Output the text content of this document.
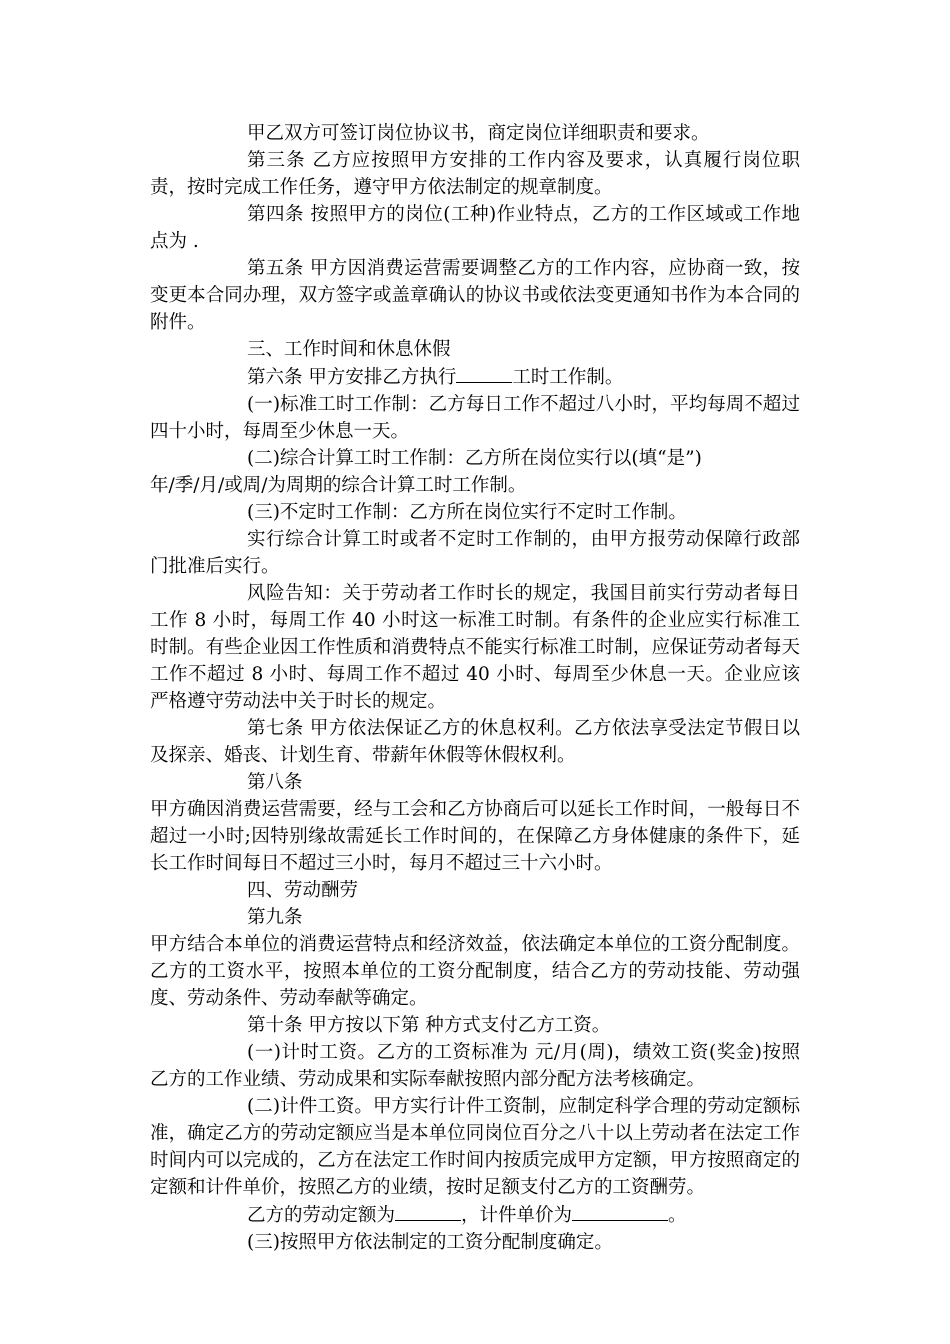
甲乙双方可签订岗位协议书，商定岗位详细职责和要求。

第三条 乙方应按照甲方安排的工作内容及要求，认真履行岗位职责，按时完成工作任务，遵守甲方依法制定的规章制度。

第四条 按照甲方的岗位(工种)作业特点，乙方的工作区域或工作地点为 .

第五条 甲方因消费运营需要调整乙方的工作内容，应协商一致，按变更本合同办理，双方签字或盖章确认的协议书或依法变更通知书作为本合同的附件。

三、工作时间和休息休假

第六条 甲方安排乙方执行	工时工作制。

(一)标准工时工作制：乙方每日工作不超过八小时，平均每周不超过四十小时，每周至少休息一天。

(二)综合计算工时工作制：乙方所在岗位实行以(填“是”)

年/季/月/或周/为周期的综合计算工时工作制。

(三)不定时工作制：乙方所在岗位实行不定时工作制。

实行综合计算工时或者不定时工作制的，由甲方报劳动保障行政部门批准后实行。

风险告知：关于劳动者工作时长的规定，我国目前实行劳动者每日工作 8 小时，每周工作 40 小时这一标准工时制。有条件的企业应实行标准工时制。有些企业因工作性质和消费特点不能实行标准工时制，应保证劳动者每天工作不超过 8 小时、每周工作不超过 40 小时、每周至少休息一天。企业应该严格遵守劳动法中关于时长的规定。

第七条 甲方依法保证乙方的休息权利。乙方依法享受法定节假日以及探亲、婚丧、计划生育、带薪年休假等休假权利。

第八条

甲方确因消费运营需要，经与工会和乙方协商后可以延长工作时间，一般每日不超过一小时;因特别缘故需延长工作时间的，在保障乙方身体健康的条件下，延长工作时间每日不超过三小时，每月不超过三十六小时。

四、劳动酬劳

第九条

甲方结合本单位的消费运营特点和经济效益，依法确定本单位的工资分配制度。乙方的工资水平，按照本单位的工资分配制度，结合乙方的劳动技能、劳动强度、劳动条件、劳动奉献等确定。

第十条 甲方按以下第 种方式支付乙方工资。

(一)计时工资。乙方的工资标准为 元/月(周)，绩效工资(奖金)按照乙方的工作业绩、劳动成果和实际奉献按照内部分配方法考核确定。

(二)计件工资。甲方实行计件工资制，应制定科学合理的劳动定额标准，确定乙方的劳动定额应当是本单位同岗位百分之八十以上劳动者在法定工作时间内可以完成的，乙方在法定工作时间内按质完成甲方定额，甲方按照商定的定额和计件单价，按照乙方的业绩，按时足额支付乙方的工资酬劳。

乙方的劳动定额为	，计件单价为	。

(三)按照甲方依法制定的工资分配制度确定。
